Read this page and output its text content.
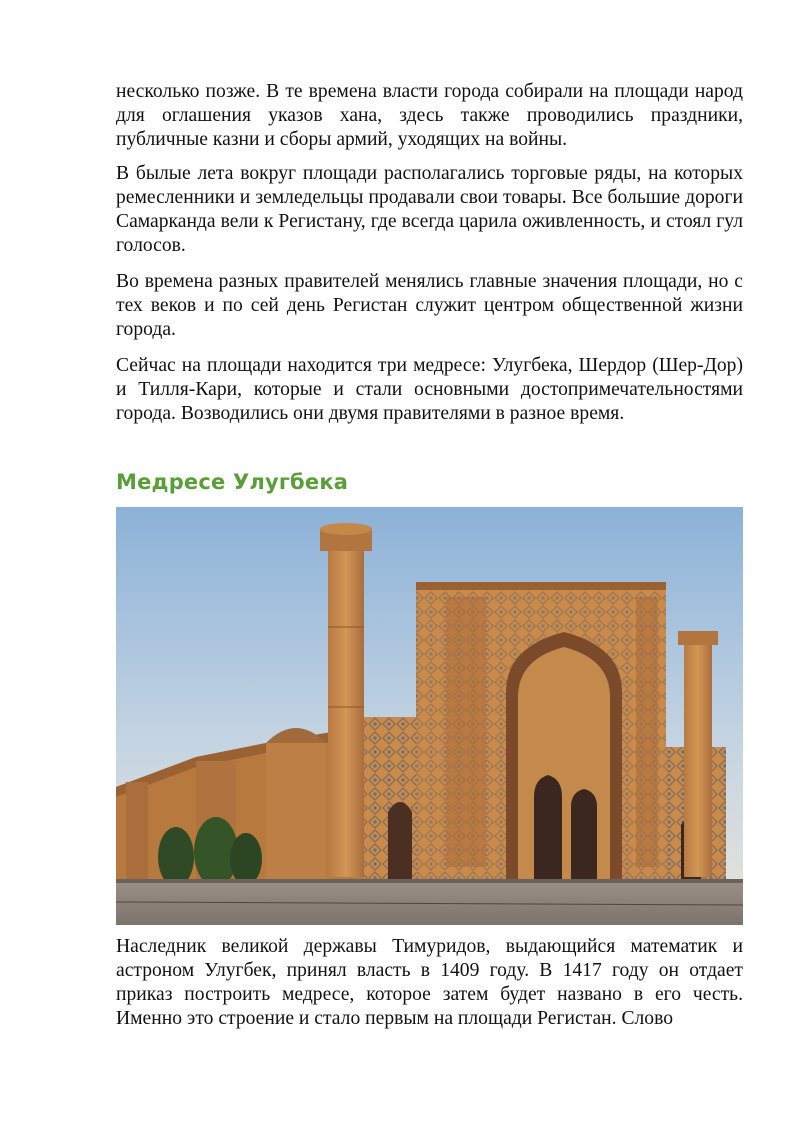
несколько позже. В те времена власти города собирали на площади народ для оглашения указов хана, здесь также проводились праздники, публичные казни и сборы армий, уходящих на войны.

В былые лета вокруг площади располагались торговые ряды, на которых ремесленники и земледельцы продавали свои товары. Все большие дороги Самарканда вели к Регистану, где всегда царила оживленность, и стоял гул голосов.

Во времена разных правителей менялись главные значения площади, но с тех веков и по сей день Регистан служит центром общественной жизни города.

Сейчас на площади находится три медресе: Улугбека, Шердор (Шер-Дор) и Тилля-Кари, которые и стали основными достопримечательностями города. Возводились они двумя правителями в разное время.

Медресе Улугбека

Наследник великой державы Тимуридов, выдающийся математик и астроном Улугбек, принял власть в 1409 году. В 1417 году он отдает приказ построить медресе, которое затем будет названо в его честь. Именно это строение и стало первым на площади Регистан. Слово
